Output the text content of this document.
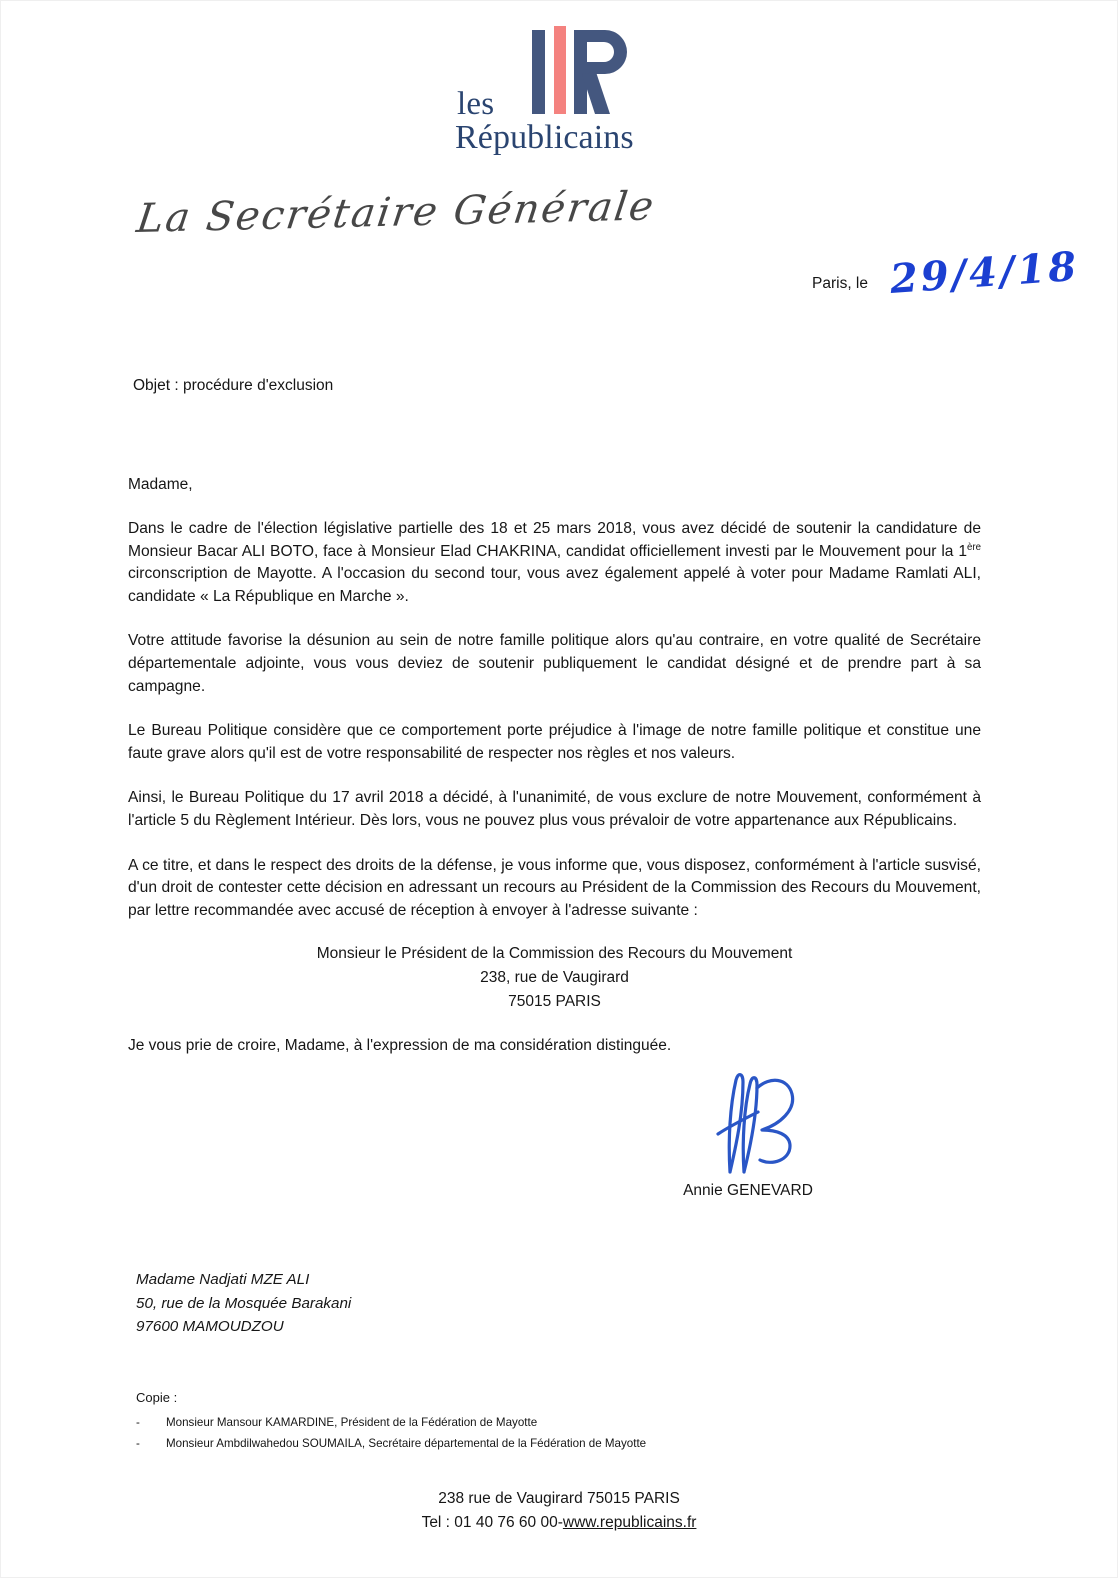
les
Républicains
La Secrétaire Générale
Paris, le 29/4/18
Objet : procédure d'exclusion
Madame,

Dans le cadre de l'élection législative partielle des 18 et 25 mars 2018, vous avez décidé de soutenir la candidature de Monsieur Bacar ALI BOTO, face à Monsieur Elad CHAKRINA, candidat officiellement investi par le Mouvement pour la 1ère circonscription de Mayotte. A l'occasion du second tour, vous avez également appelé à voter pour Madame Ramlati ALI, candidate « La République en Marche ».

Votre attitude favorise la désunion au sein de notre famille politique alors qu'au contraire, en votre qualité de Secrétaire départementale adjointe, vous vous deviez de soutenir publiquement le candidat désigné et de prendre part à sa campagne.

Le Bureau Politique considère que ce comportement porte préjudice à l'image de notre famille politique et constitue une faute grave alors qu'il est de votre responsabilité de respecter nos règles et nos valeurs.

Ainsi, le Bureau Politique du 17 avril 2018 a décidé, à l'unanimité, de vous exclure de notre Mouvement, conformément à l'article 5 du Règlement Intérieur. Dès lors, vous ne pouvez plus vous prévaloir de votre appartenance aux Républicains.

A ce titre, et dans le respect des droits de la défense, je vous informe que, vous disposez, conformément à l'article susvisé, d'un droit de contester cette décision en adressant un recours au Président de la Commission des Recours du Mouvement, par lettre recommandée avec accusé de réception à envoyer à l'adresse suivante :

Monsieur le Président de la Commission des Recours du Mouvement
238, rue de Vaugirard
75015 PARIS
Je vous prie de croire, Madame, à l'expression de ma considération distinguée.
Annie GENEVARD
Madame Nadjati MZE ALI
50, rue de la Mosquée Barakani
97600 MAMOUDZOU
Copie :
-	Monsieur Mansour KAMARDINE, Président de la Fédération de Mayotte
-	Monsieur Ambdilwahedou SOUMAILA, Secrétaire départemental de la Fédération de Mayotte
238 rue de Vaugirard 75015 PARIS
Tel : 01 40 76 60 00-www.republicains.fr
